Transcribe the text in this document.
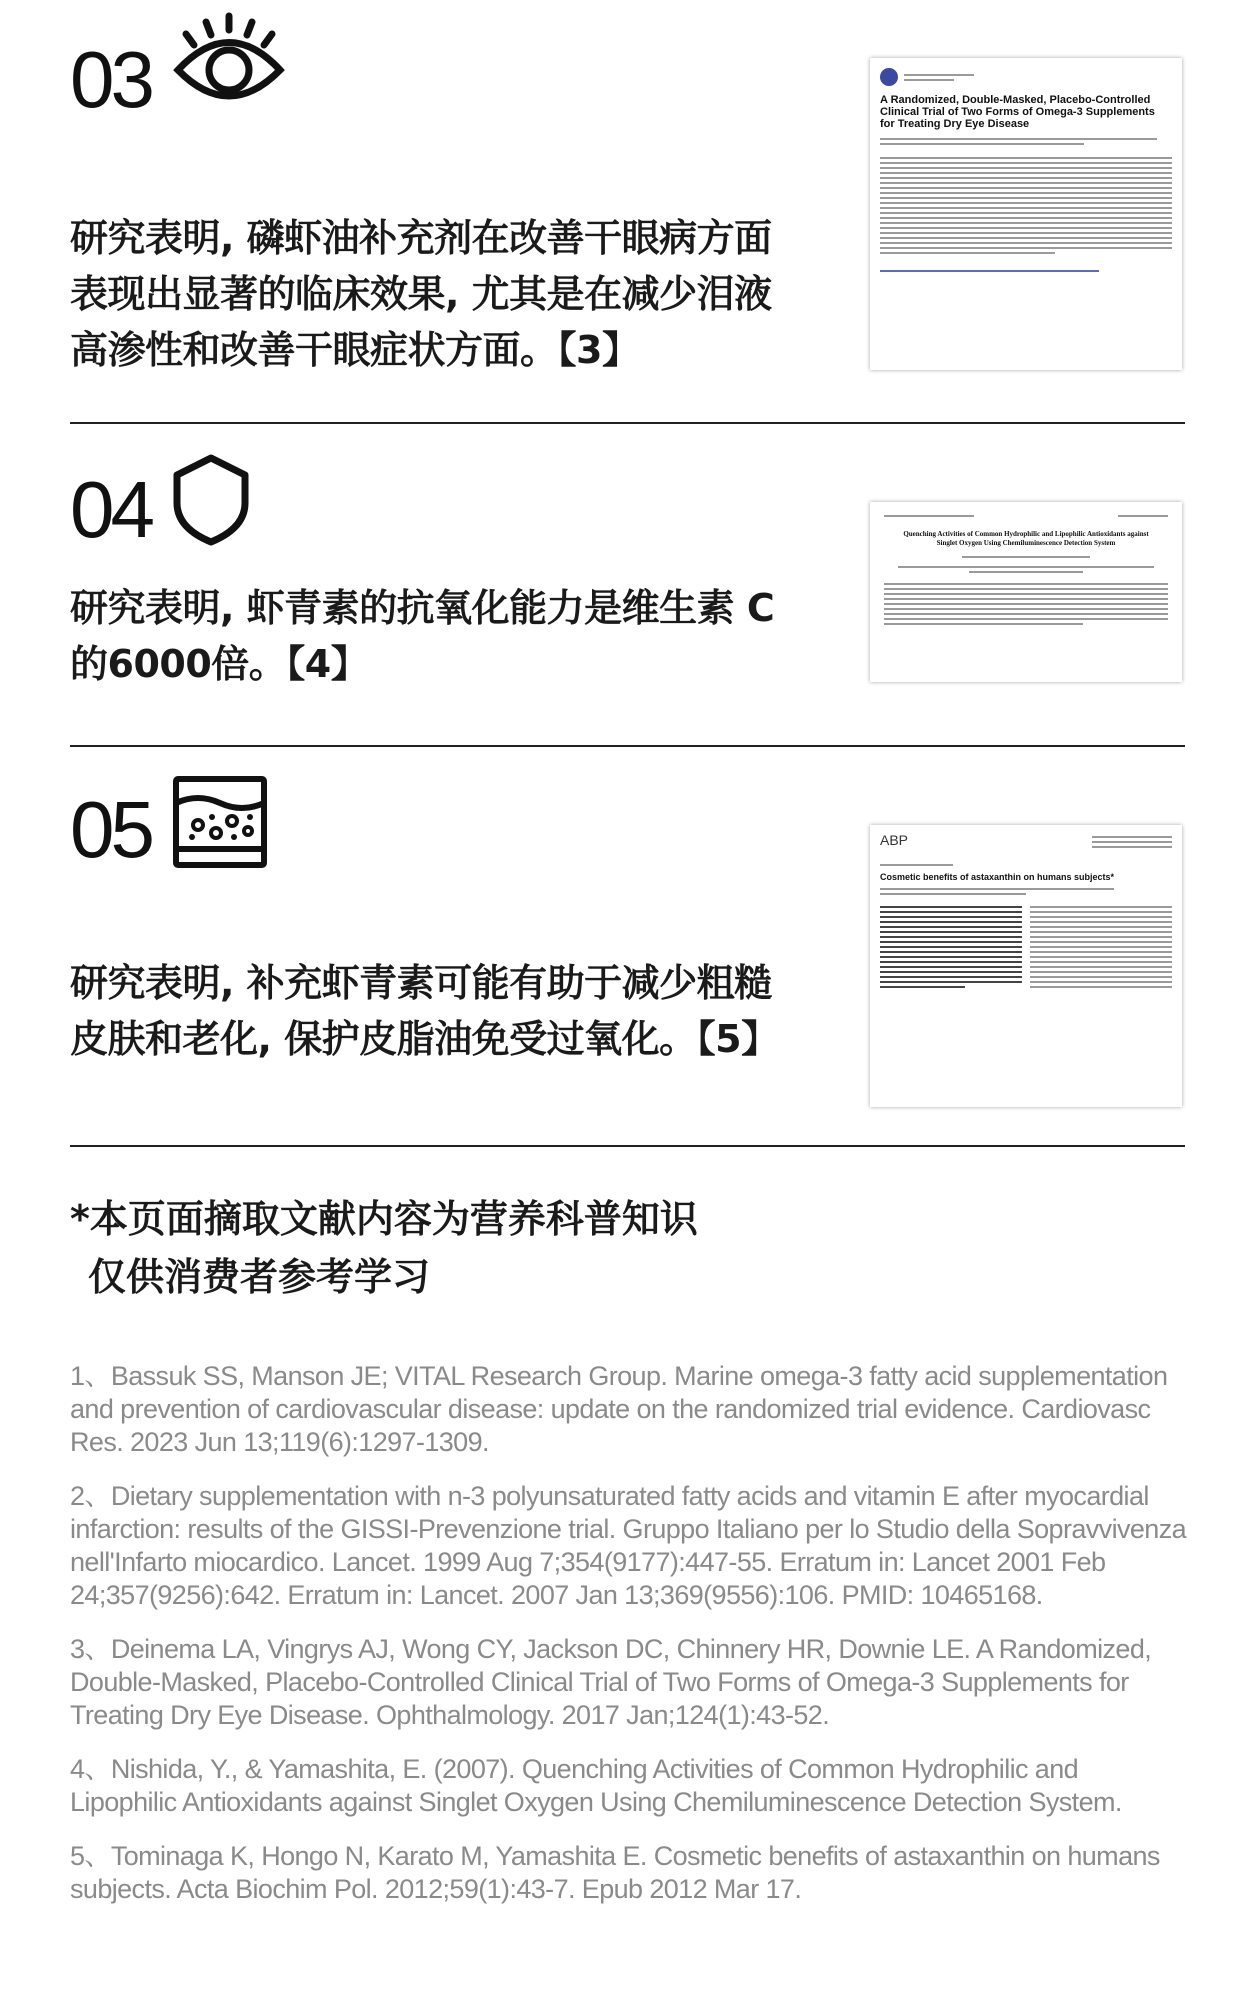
03
研究表明, 磷虾油补充剂在改善干眼病方面表现出显著的临床效果, 尤其是在减少泪液高渗性和改善干眼症状方面。【3】
A Randomized, Double-Masked, Placebo-Controlled Clinical Trial of Two Forms of Omega-3 Supplements for Treating Dry Eye Disease
04
研究表明, 虾青素的抗氧化能力是维生素 C 的6000倍。【4】
Quenching Activities of Common Hydrophilic and Lipophilic Antioxidants against Singlet Oxygen Using Chemiluminescence Detection System
05
研究表明, 补充虾青素可能有助于减少粗糙皮肤和老化, 保护皮脂油免受过氧化。【5】
ABP
Cosmetic benefits of astaxanthin on humans subjects*
*本页面摘取文献内容为营养科普知识
仅供消费者参考学习
1、Bassuk SS, Manson JE; VITAL Research Group. Marine omega-3 fatty acid supplementation and prevention of cardiovascular disease: update on the randomized trial evidence. Cardiovasc Res. 2023 Jun 13;119(6):1297-1309.
2、Dietary supplementation with n-3 polyunsaturated fatty acids and vitamin E after myocardial infarction: results of the GISSI-Prevenzione trial. Gruppo Italiano per lo Studio della Sopravvivenza nell'Infarto miocardico. Lancet. 1999 Aug 7;354(9177):447-55. Erratum in: Lancet 2001 Feb 24;357(9256):642. Erratum in: Lancet. 2007 Jan 13;369(9556):106. PMID: 10465168.
3、Deinema LA, Vingrys AJ, Wong CY, Jackson DC, Chinnery HR, Downie LE. A Randomized, Double-Masked, Placebo-Controlled Clinical Trial of Two Forms of Omega-3 Supplements for Treating Dry Eye Disease. Ophthalmology. 2017 Jan;124(1):43-52.
4、Nishida, Y., & Yamashita, E. (2007). Quenching Activities of Common Hydrophilic and Lipophilic Antioxidants against Singlet Oxygen Using Chemiluminescence Detection System.
5、Tominaga K, Hongo N, Karato M, Yamashita E. Cosmetic benefits of astaxanthin on humans subjects. Acta Biochim Pol. 2012;59(1):43-7. Epub 2012 Mar 17.
